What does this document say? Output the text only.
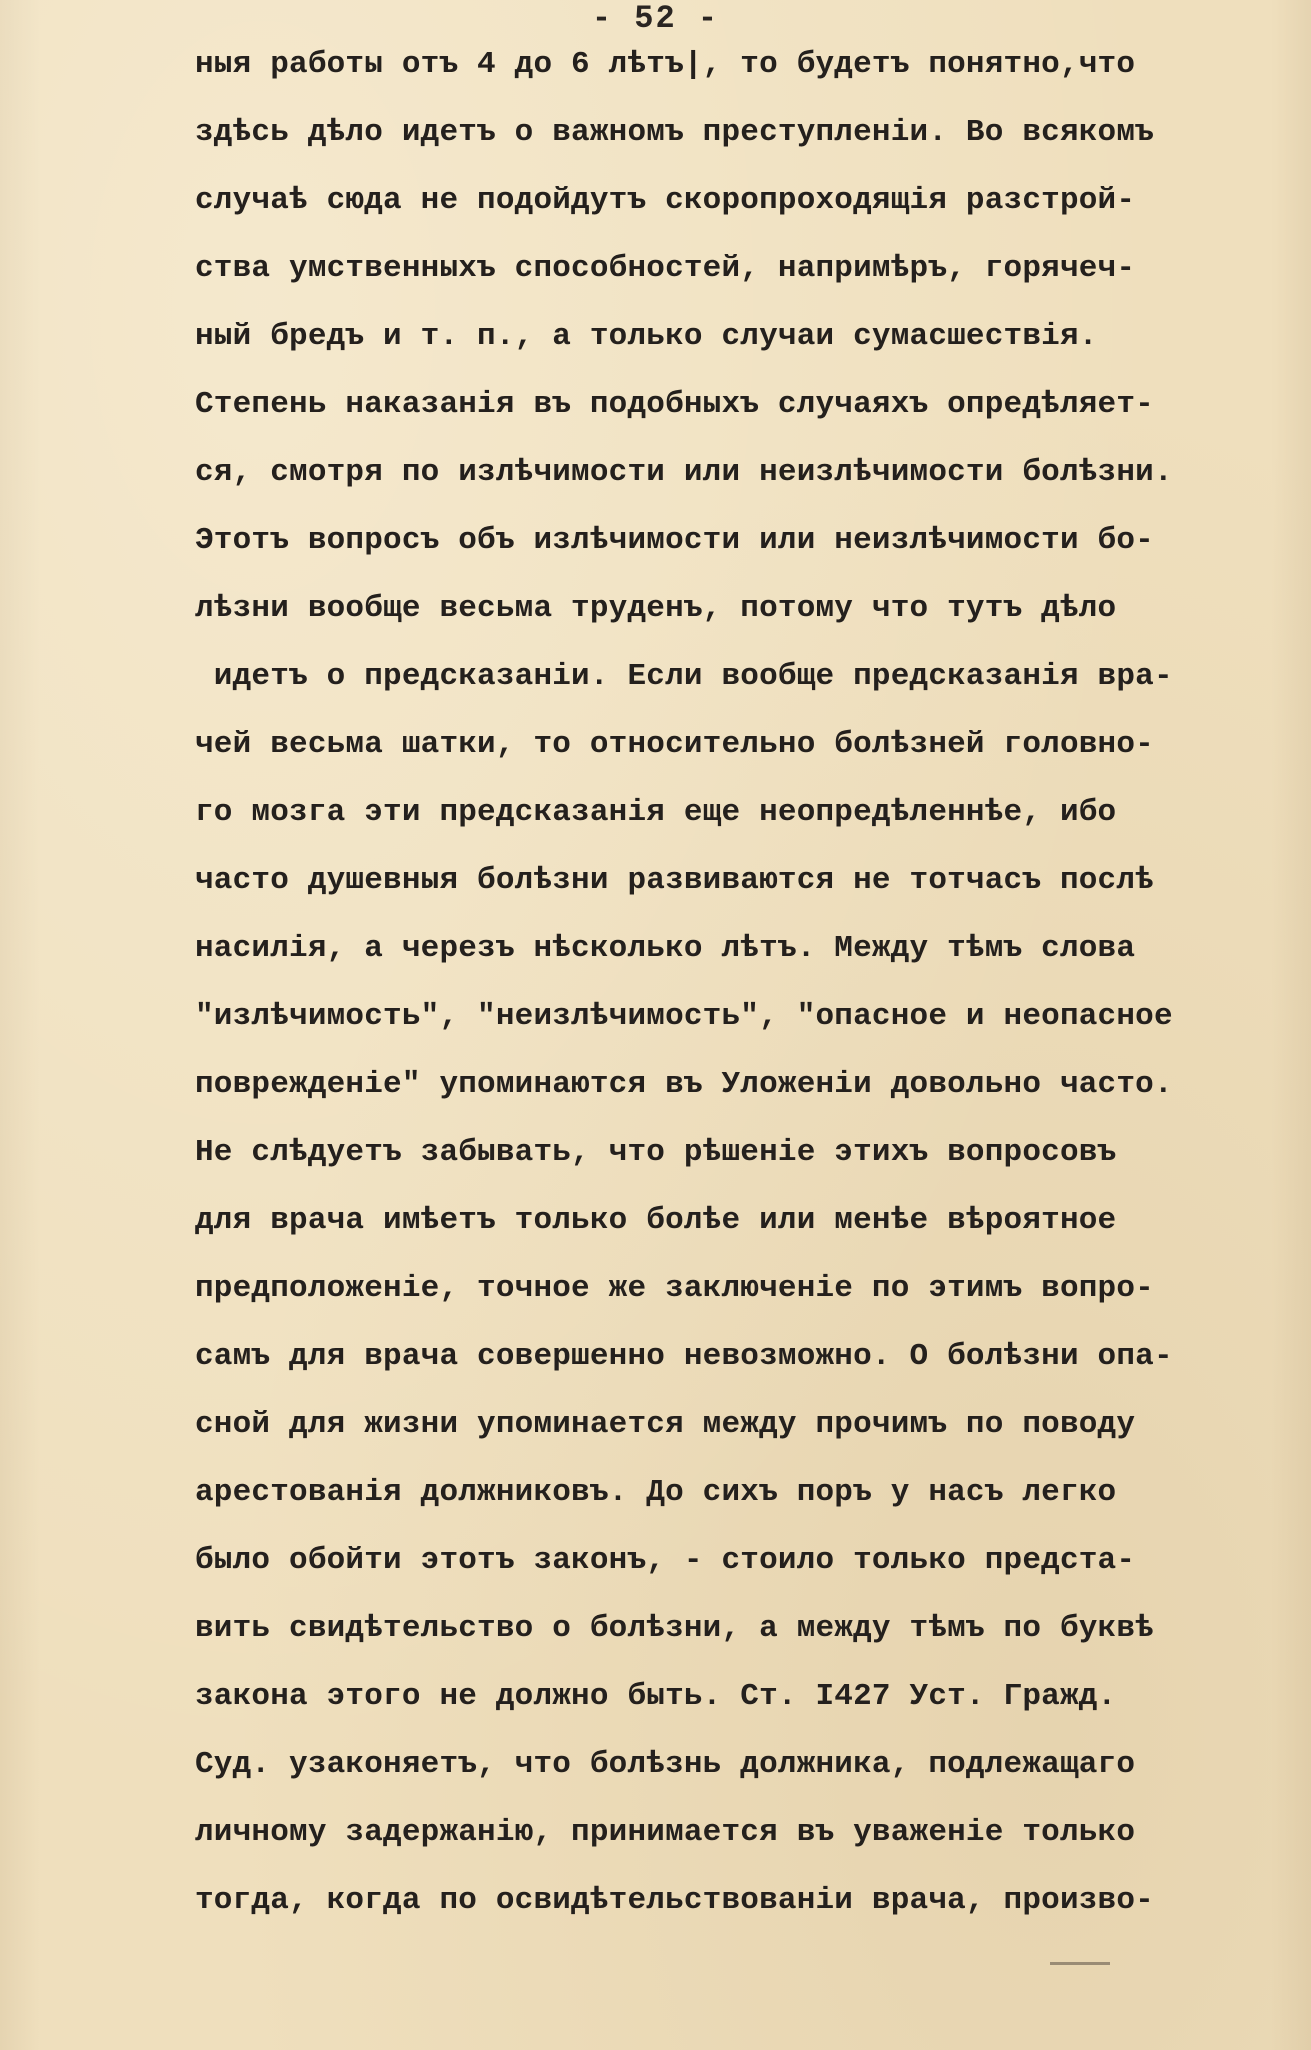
- 52 -
ныя работы отъ 4 до 6 лѣтъ|, то будетъ понятно,что
здѣсь дѣло идетъ о важномъ преступленіи. Во всякомъ
случаѣ сюда не подойдутъ скоропроходящія разстрой-
ства умственныхъ способностей, напримѣръ, горячеч-
ный бредъ и т. п., а только случаи сумасшествія.
Степень наказанія въ подобныхъ случаяхъ опредѣляет-
ся, смотря по излѣчимости или неизлѣчимости болѣзни.
Этотъ вопросъ объ излѣчимости или неизлѣчимости бо-
лѣзни вообще весьма труденъ, потому что тутъ дѣло
идетъ о предсказаніи. Если вообще предсказанія вра-
чей весьма шатки, то относительно болѣзней головно-
го мозга эти предсказанія еще неопредѣленнѣе, ибо
часто душевныя болѣзни развиваются не тотчасъ послѣ
насилія, а черезъ нѣсколько лѣтъ. Между тѣмъ слова
"излѣчимость", "неизлѣчимость", "опасное и неопасное
поврежденіе" упоминаются въ Уложеніи довольно часто.
Не слѣдуетъ забывать, что рѣшеніе этихъ вопросовъ
для врача имѣетъ только болѣе или менѣе вѣроятное
предположеніе, точное же заключеніе по этимъ вопро-
самъ для врача совершенно невозможно. О болѣзни опа-
сной для жизни упоминается между прочимъ по поводу
арестованія должниковъ. До сихъ поръ у насъ легко
было обойти этотъ законъ, - стоило только предста-
вить свидѣтельство о болѣзни, а между тѣмъ по буквѣ
закона этого не должно быть. Ст. I427 Уст. Гражд.
Суд. узаконяетъ, что болѣзнь должника, подлежащаго
личному задержанію, принимается въ уваженіе только
тогда, когда по освидѣтельствованіи врача, произво-
